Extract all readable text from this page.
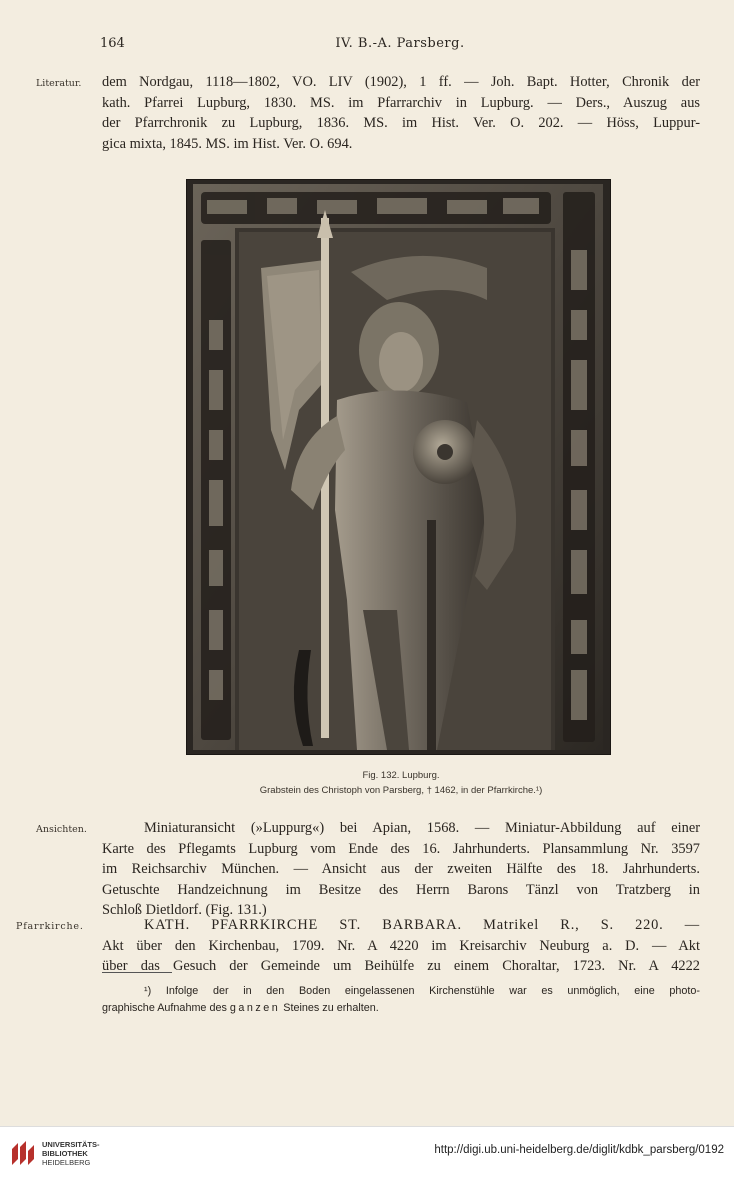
164	IV. B.-A. Parsberg.
Literatur. dem Nordgau, 1118—1802, VO. LIV (1902), 1 ff. — Joh. Bapt. Hotter, Chronik der
kath. Pfarrei Lupburg, 1830. MS. im Pfarrarchiv in Lupburg. — Ders., Auszug aus
der Pfarrchronik zu Lupburg, 1836. MS. im Hist. Ver. O. 202. — Höss, Luppur-
gica mixta, 1845. MS. im Hist. Ver. O. 694.
Fig. 132. Lupburg.
Grabstein des Christoph von Parsberg, † 1462, in der Pfarrkirche.¹)
Ansichten.	Miniaturansicht (»Luppurg«) bei Apian, 1568. — Miniatur-Abbildung auf einer
Karte des Pflegamts Lupburg vom Ende des 16. Jahrhunderts. Plansammlung Nr. 3597
im Reichsarchiv München. — Ansicht aus der zweiten Hälfte des 18. Jahrhunderts.
Getuschte Handzeichnung im Besitze des Herrn Barons Tänzl von Tratzberg in
Schloß Dietldorf. (Fig. 131.)
Pfarrkirche.	KATH. PFARRKIRCHE ST. BARBARA. Matrikel R., S. 220. —
Akt über den Kirchenbau, 1709. Nr. A 4220 im Kreisarchiv Neuburg a. D. — Akt
über das Gesuch der Gemeinde um Beihülfe zu einem Choraltar, 1723. Nr. A 4222
¹) Infolge der in den Boden eingelassenen Kirchenstühle war es unmöglich, eine photo-
graphische Aufnahme des ganzen Steines zu erhalten.
UNIVERSITÄTS-
BIBLIOTHEK
HEIDELBERG
http://digi.ub.uni-heidelberg.de/diglit/kdbk_parsberg/0192
